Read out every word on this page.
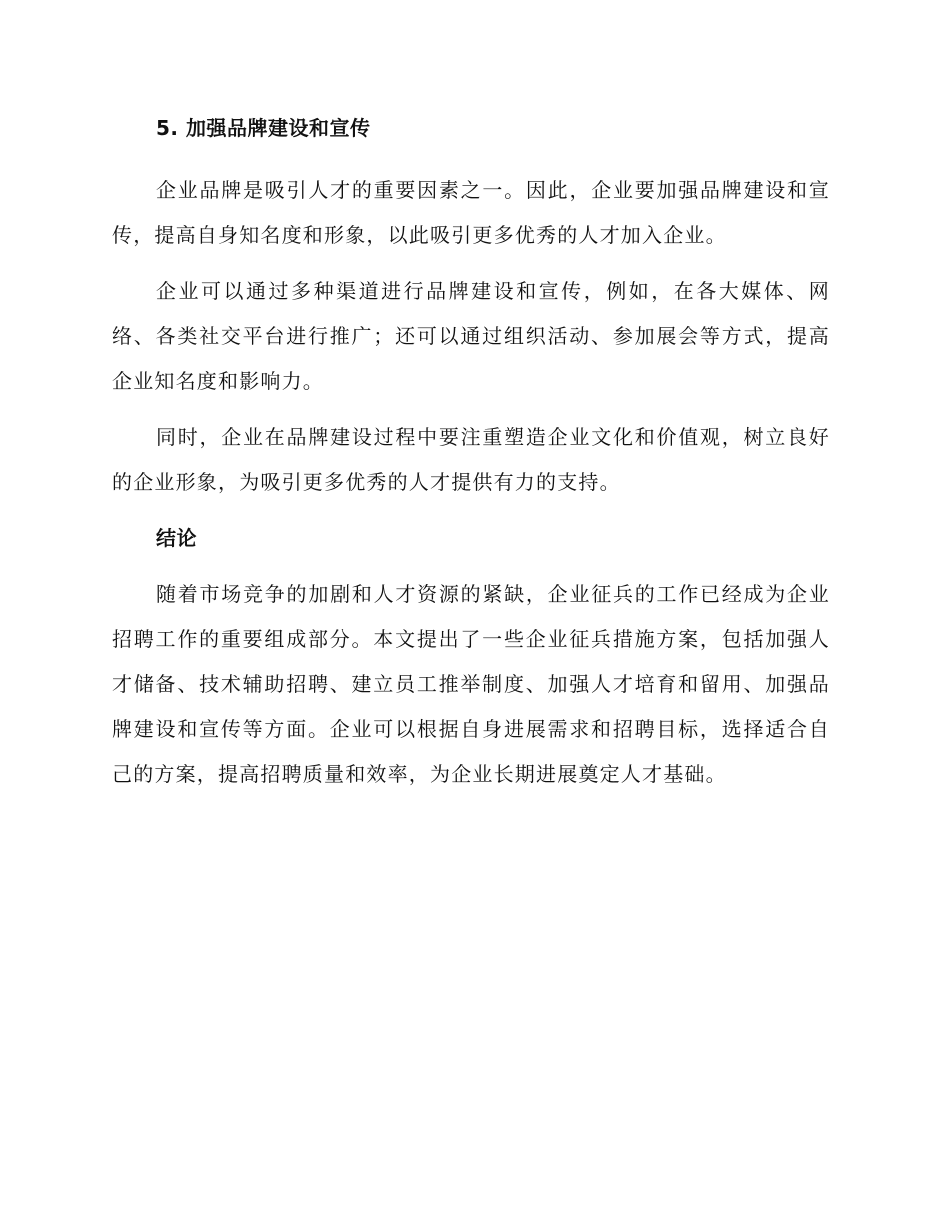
5. 加强品牌建设和宣传

企业品牌是吸引人才的重要因素之一。因此，企业要加强品牌建设和宣传，提高自身知名度和形象，以此吸引更多优秀的人才加入企业。

企业可以通过多种渠道进行品牌建设和宣传，例如，在各大媒体、网络、各类社交平台进行推广；还可以通过组织活动、参加展会等方式，提高企业知名度和影响力。

同时，企业在品牌建设过程中要注重塑造企业文化和价值观，树立良好的企业形象，为吸引更多优秀的人才提供有力的支持。

结论

随着市场竞争的加剧和人才资源的紧缺，企业征兵的工作已经成为企业招聘工作的重要组成部分。本文提出了一些企业征兵措施方案，包括加强人才储备、技术辅助招聘、建立员工推举制度、加强人才培育和留用、加强品牌建设和宣传等方面。企业可以根据自身进展需求和招聘目标，选择适合自己的方案，提高招聘质量和效率，为企业长期进展奠定人才基础。
